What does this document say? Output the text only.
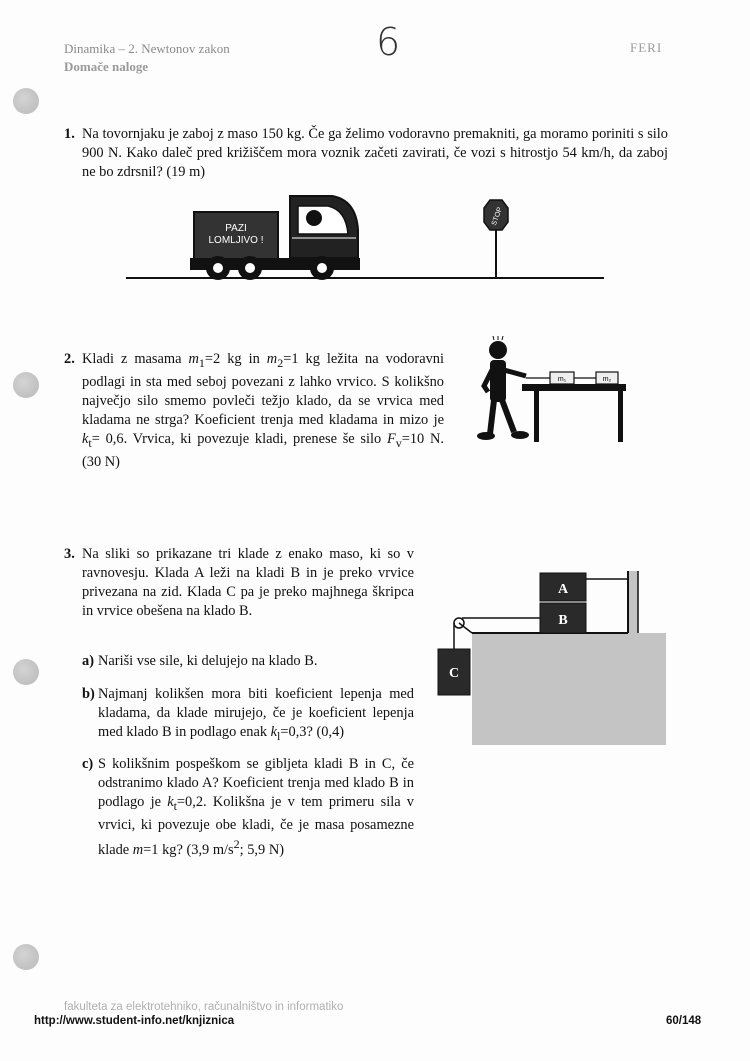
Dinamika – 2. Newtonov zakon
Domače naloge
6	FERI
1. Na tovornjaku je zaboj z maso 150 kg. Če ga želimo vodoravno premakniti, ga moramo poriniti s silo 900 N. Kako daleč pred križiščem mora voznik začeti zavirati, če vozi s hitrostjo 54 km/h, da zaboj ne bo zdrsnil? (19 m)
PAZI
LOMLJIVO !
STOP
2. Kladi z masama $m_1=2$ kg in $m_2=1$ kg ležita na vodoravni podlagi in sta med seboj povezani z lahko vrvico. S kolikšno največjo silo smemo povleči težjo klado, da se vrvica med kladama ne strga? Koeficient trenja med kladama in mizo je $k_t= 0,6$. Vrvica, ki povezuje kladi, prenese še silo $F_v=10$ N. (30 N)
m₁	m₂
3. Na sliki so prikazane tri klade z enako maso, ki so v ravnovesju. Klada A leži na kladi B in je preko vrvice privezana na zid. Klada C pa je preko majhnega škripca in vrvice obešena na klado B.
a) Nariši vse sile, ki delujejo na klado B.
b) Najmanj kolikšen mora biti koeficient lepenja med kladama, da klade mirujejo, če je koeficient lepenja med klado B in podlago enak $k_l=0,3$? (0,4)
c) S kolikšnim pospeškom se gibljeta kladi B in C, če odstranimo klado A? Koeficient trenja med klado B in podlago je $k_t=0,2$. Kolikšna je v tem primeru sila v vrvici, ki povezuje obe kladi, če je masa posamezne klade m=1 kg? (3,9 $m/s^2$; 5,9 N)
A
B
C
fakulteta za elektrotehniko, računalništvo in informatiko
http://www.student-info.net/knjiznica	60/148
